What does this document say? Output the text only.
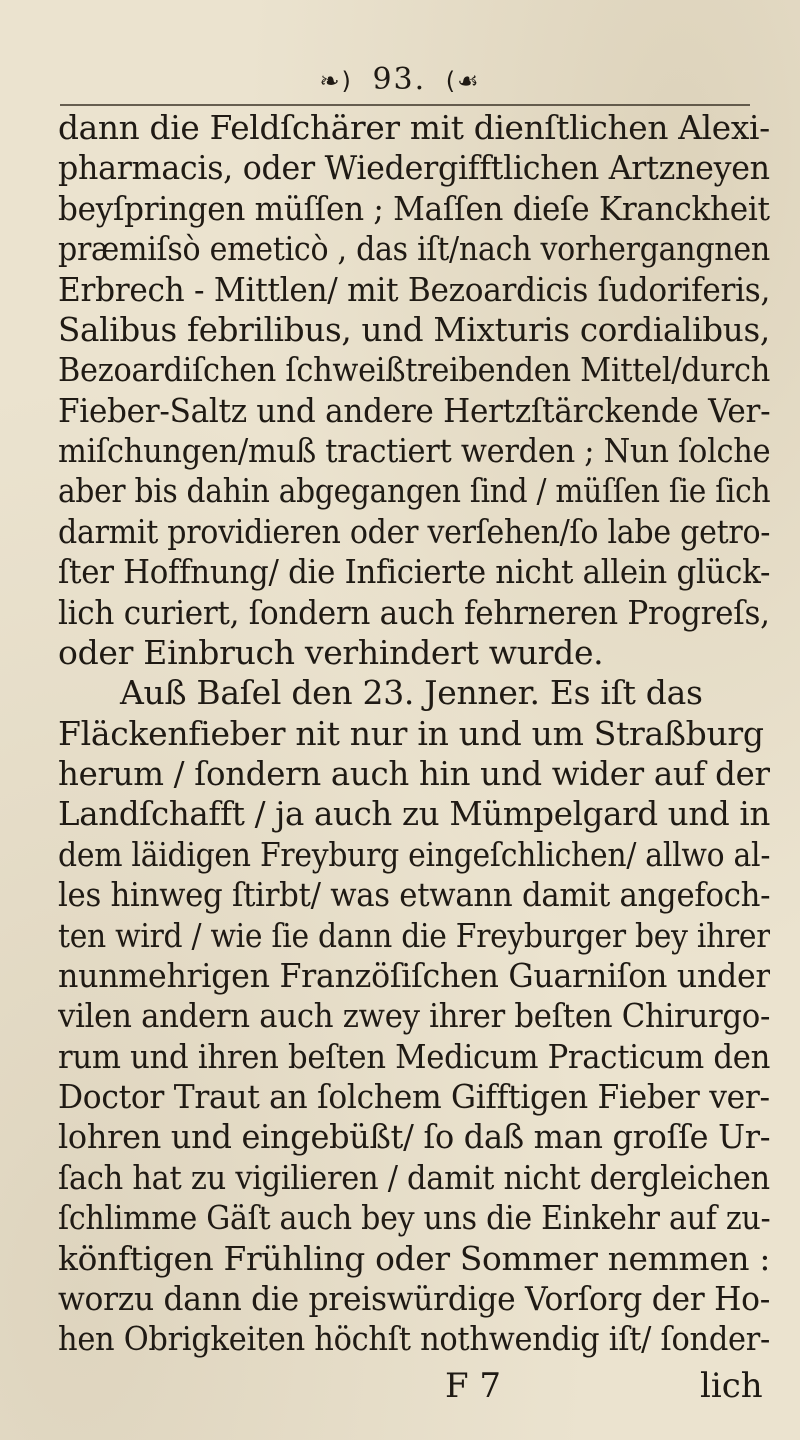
❧) 93. (☙
dann die Feldſchärer mit dienſtlichen Alexi-
pharmacis, oder Wiedergifftlichen Artzneyen
beyſpringen müſſen ; Maſſen dieſe Kranckheit
præmiſsò emeticò , das iſt/nach vorhergangnen
Erbrech - Mittlen/ mit Bezoardicis ſudoriferis,
Salibus febrilibus, und Mixturis cordialibus,
Bezoardiſchen ſchweißtreibenden Mittel/durch
Fieber-Saltz und andere Hertzſtärckende Ver-
miſchungen/muß tractiert werden ; Nun ſolche
aber bis dahin abgegangen ſind / müſſen ſie ſich
darmit providieren oder verſehen/ſo labe getro-
ſter Hoffnung/ die Inficierte nicht allein glück-
lich curiert, ſondern auch fehrneren Progreſs,
oder Einbruch verhindert wurde.
Auß Baſel den 23. Jenner. Es iſt das
Fläckenfieber nit nur in und um Straßburg
herum / ſondern auch hin und wider auf der
Landſchafft / ja auch zu Mümpelgard und in
dem läidigen Freyburg eingeſchlichen/ allwo al-
les hinweg ſtirbt/ was etwann damit angefoch-
ten wird / wie ſie dann die Freyburger bey ihrer
nunmehrigen Franzöſiſchen Guarniſon under
vilen andern auch zwey ihrer beſten Chirurgo-
rum und ihren beſten Medicum Practicum den
Doctor Traut an ſolchem Gifftigen Fieber ver-
lohren und eingebüßt/ ſo daß man groſſe Ur-
ſach hat zu vigilieren / damit nicht dergleichen
ſchlimme Gäſt auch bey uns die Einkehr auf zu-
könftigen Frühling oder Sommer nemmen :
worzu dann die preiswürdige Vorſorg der Ho-
hen Obrigkeiten höchſt nothwendig iſt/ ſonder-
F 7	lich
